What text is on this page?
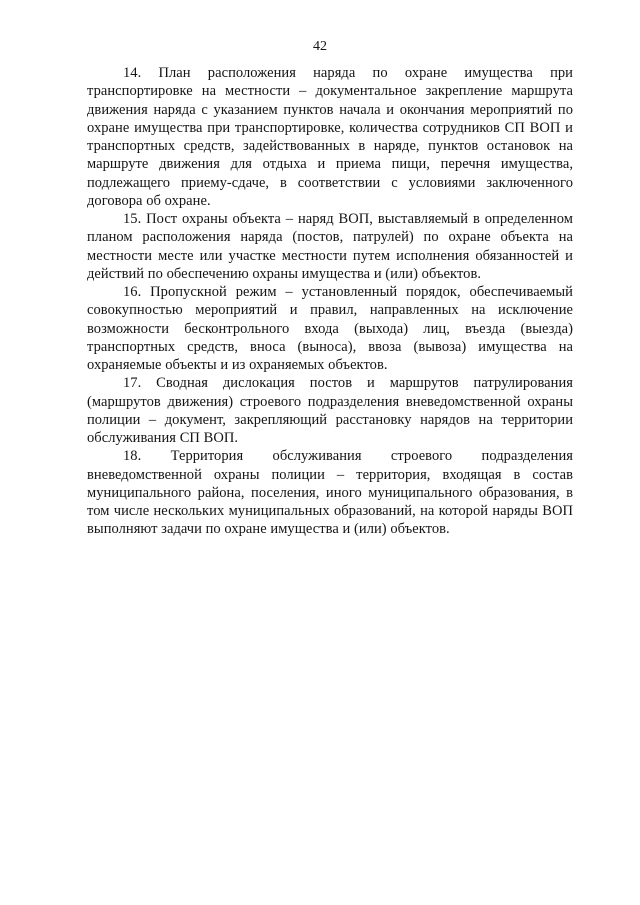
42

14. План расположения наряда по охране имущества при транспортировке на местности – документальное закрепление маршрута движения наряда с указанием пунктов начала и окончания мероприятий по охране имущества при транспортировке, количества сотрудников СП ВОП и транспортных средств, задействованных в наряде, пунктов остановок на маршруте движения для отдыха и приема пищи, перечня имущества, подлежащего приему-сдаче, в соответствии с условиями заключенного договора об охране.

15. Пост охраны объекта – наряд ВОП, выставляемый в определенном планом расположения наряда (постов, патрулей) по охране объекта на местности месте или участке местности путем исполнения обязанностей и действий по обеспечению охраны имущества и (или) объектов.

16. Пропускной режим – установленный порядок, обеспечиваемый совокупностью мероприятий и правил, направленных на исключение возможности бесконтрольного входа (выхода) лиц, въезда (выезда) транспортных средств, вноса (выноса), ввоза (вывоза) имущества на охраняемые объекты и из охраняемых объектов.

17. Сводная дислокация постов и маршрутов патрулирования (маршрутов движения) строевого подразделения вневедомственной охраны полиции – документ, закрепляющий расстановку нарядов на территории обслуживания СП ВОП.

18. Территория обслуживания строевого подразделения вневедомственной охраны полиции – территория, входящая в состав муниципального района, поселения, иного муниципального образования, в том числе нескольких муниципальных образований, на которой наряды ВОП выполняют задачи по охране имущества и (или) объектов.
